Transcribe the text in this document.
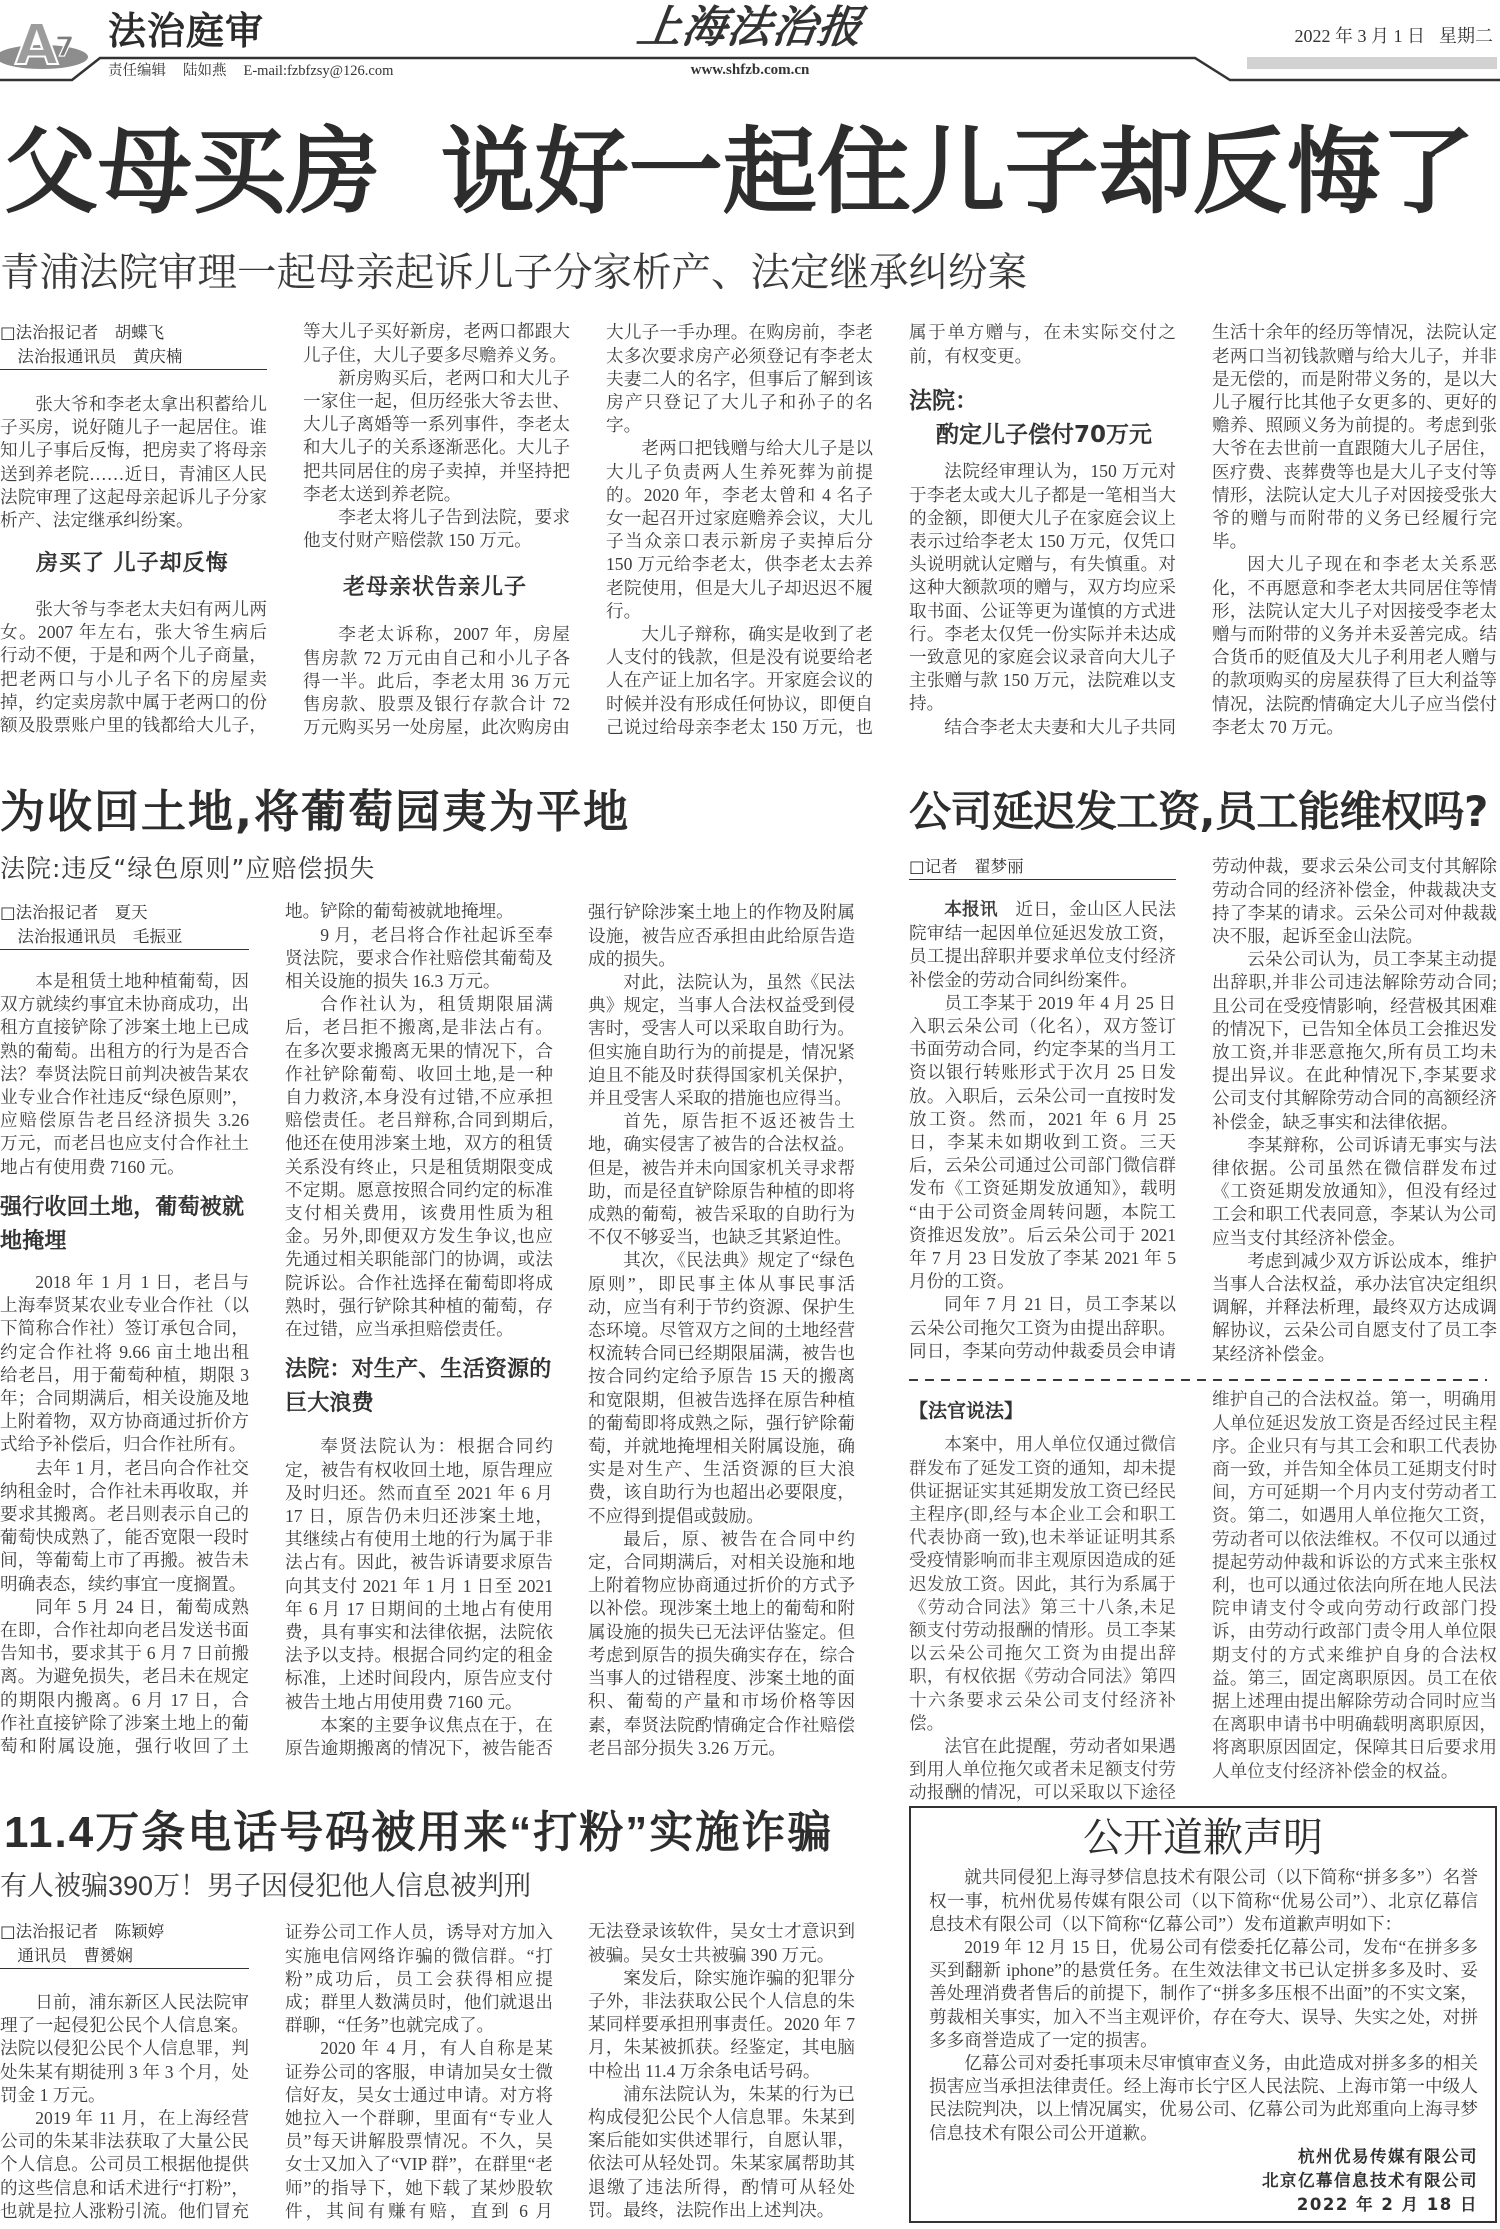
A
7 法治庭审
责任编辑 陆如燕 E-mail:fzbfzsy@126.com
上海法治报
www.shfzb.com.cn
2022 年 3 月 1 日 星期二
父母买房 说好一起住儿子却反悔了
青浦法院审理一起母亲起诉儿子分家析产、法定继承纠纷案
□法治报记者　胡蝶飞
法治报通讯员　黄庆楠

张大爷和李老太拿出积蓄给儿子买房，说好随儿子一起居住。谁知儿子事后反悔，把房卖了将母亲送到养老院……近日，青浦区人民法院审理了这起母亲起诉儿子分家析产、法定继承纠纷案。

房买了 儿子却反悔

张大爷与李老太夫妇有两儿两女。2007 年左右，张大爷生病后行动不便，于是和两个儿子商量，把老两口与小儿子名下的房屋卖掉，约定卖房款中属于老两口的份额及股票账户里的钱都给大儿子，

等大儿子买好新房，老两口都跟大儿子住，大儿子要多尽赡养义务。

新房购买后，老两口和大儿子一家住一起，但历经张大爷去世、大儿子离婚等一系列事件，李老太和大儿子的关系逐渐恶化。大儿子把共同居住的房子卖掉，并坚持把李老太送到养老院。

李老太将儿子告到法院，要求他支付财产赔偿款 150 万元。

老母亲状告亲儿子

李老太诉称，2007 年，房屋售房款 72 万元由自己和小儿子各得一半。此后，李老太用 36 万元售房款、股票及银行存款合计 72 万元购买另一处房屋，此次购房由

大儿子一手办理。在购房前，李老太多次要求房产必须登记有李老太夫妻二人的名字，但事后了解到该房产只登记了大儿子和孙子的名字。

老两口把钱赠与给大儿子是以大儿子负责两人生养死葬为前提的。2020 年，李老太曾和 4 名子女一起召开过家庭赡养会议，大儿子当众亲口表示新房子卖掉后分 150 万元给李老太，供李老太去养老院使用，但是大儿子却迟迟不履行。

大儿子辩称，确实是收到了老人支付的钱款，但是没有说要给老人在产证上加名字。开家庭会议的时候并没有形成任何协议，即便自己说过给母亲李老太 150 万元，也

属于单方赠与，在未实际交付之前，有权变更。

法院：
酌定儿子偿付70万元

法院经审理认为，150 万元对于李老太或大儿子都是一笔相当大的金额，即便大儿子在家庭会议上表示过给李老太 150 万元，仅凭口头说明就认定赠与，有失慎重。对这种大额款项的赠与，双方均应采取书面、公证等更为谨慎的方式进行。李老太仅凭一份实际并未达成一致意见的家庭会议录音向大儿子主张赠与款 150 万元，法院难以支持。

结合李老太夫妻和大儿子共同

生活十余年的经历等情况，法院认定老两口当初钱款赠与给大儿子，并非是无偿的，而是附带义务的，是以大儿子履行比其他子女更多的、更好的赡养、照顾义务为前提的。考虑到张大爷在去世前一直跟随大儿子居住，医疗费、丧葬费等也是大儿子支付等情形，法院认定大儿子对因接受张大爷的赠与而附带的义务已经履行完毕。

因大儿子现在和李老太关系恶化，不再愿意和李老太共同居住等情形，法院认定大儿子对因接受李老太赠与而附带的义务并未妥善完成。结合货币的贬值及大儿子利用老人赠与的款项购买的房屋获得了巨大利益等情况，法院酌情确定大儿子应当偿付李老太 70 万元。

为收回土地,将葡萄园夷为平地
法院:违反“绿色原则”应赔偿损失
□法治报记者　夏天
法治报通讯员　毛振亚

本是租赁土地种植葡萄，因双方就续约事宜未协商成功，出租方直接铲除了涉案土地上已成熟的葡萄。出租方的行为是否合法？奉贤法院日前判决被告某农业专业合作社违反“绿色原则”，应赔偿原告老吕经济损失 3.26 万元，而老吕也应支付合作社土地占有使用费 7160 元。

强行收回土地，葡萄被就地掩埋

2018 年 1 月 1 日，老吕与上海奉贤某农业专业合作社（以下简称合作社）签订承包合同，约定合作社将 9.66 亩土地出租给老吕，用于葡萄种植，期限 3 年；合同期满后，相关设施及地上附着物，双方协商通过折价方式给予补偿后，归合作社所有。

去年 1 月，老吕向合作社交纳租金时，合作社未再收取，并要求其搬离。老吕则表示自己的葡萄快成熟了，能否宽限一段时间，等葡萄上市了再搬。被告未明确表态，续约事宜一度搁置。

同年 5 月 24 日，葡萄成熟在即，合作社却向老吕发送书面告知书，要求其于 6 月 7 日前搬离。为避免损失，老吕未在规定的期限内搬离。6 月 17 日，合作社直接铲除了涉案土地上的葡萄和附属设施，强行收回了土

地。铲除的葡萄被就地掩埋。

9 月，老吕将合作社起诉至奉贤法院，要求合作社赔偿其葡萄及相关设施的损失 16.3 万元。

合作社认为，租赁期限届满后，老吕拒不搬离,是非法占有。在多次要求搬离无果的情况下，合作社铲除葡萄、收回土地,是一种自力救济,本身没有过错,不应承担赔偿责任。老吕辩称,合同到期后,他还在使用涉案土地，双方的租赁关系没有终止，只是租赁期限变成不定期。愿意按照合同约定的标准支付相关费用，该费用性质为租金。另外,即便双方发生争议,也应先通过相关职能部门的协调，或法院诉讼。合作社选择在葡萄即将成熟时，强行铲除其种植的葡萄，存在过错，应当承担赔偿责任。

法院：对生产、生活资源的巨大浪费

奉贤法院认为：根据合同约定，被告有权收回土地，原告理应及时归还。然而直至 2021 年 6 月 17 日，原告仍未归还涉案土地，其继续占有使用土地的行为属于非法占有。因此，被告诉请要求原告向其支付 2021 年 1 月 1 日至 2021 年 6 月 17 日期间的土地占有使用费，具有事实和法律依据，法院依法予以支持。根据合同约定的租金标准，上述时间段内，原告应支付被告土地占用使用费 7160 元。

本案的主要争议焦点在于，在原告逾期搬离的情况下，被告能否

强行铲除涉案土地上的作物及附属设施，被告应否承担由此给原告造成的损失。

对此，法院认为，虽然《民法典》规定，当事人合法权益受到侵害时，受害人可以采取自助行为。但实施自助行为的前提是，情况紧迫且不能及时获得国家机关保护，并且受害人采取的措施也应得当。

首先，原告拒不返还被告土地，确实侵害了被告的合法权益。但是，被告并未向国家机关寻求帮助，而是径直铲除原告种植的即将成熟的葡萄，被告采取的自助行为不仅不够妥当，也缺乏其紧迫性。

其次，《民法典》规定了“绿色原则”，即民事主体从事民事活动，应当有利于节约资源、保护生态环境。尽管双方之间的土地经营权流转合同已经期限届满，被告也按合同约定给予原告 15 天的搬离和宽限期，但被告选择在原告种植的葡萄即将成熟之际，强行铲除葡萄，并就地掩埋相关附属设施，确实是对生产、生活资源的巨大浪费，该自助行为也超出必要限度，不应得到提倡或鼓励。

最后，原、被告在合同中约定，合同期满后，对相关设施和地上附着物应协商通过折价的方式予以补偿。现涉案土地上的葡萄和附属设施的损失已无法评估鉴定。但考虑到原告的损失确实存在，综合当事人的过错程度、涉案土地的面积、葡萄的产量和市场价格等因素，奉贤法院酌情确定合作社赔偿老吕部分损失 3.26 万元。

公司延迟发工资,员工能维权吗?
□记者　翟梦丽

本报讯 近日，金山区人民法院审结一起因单位延迟发放工资，员工提出辞职并要求单位支付经济补偿金的劳动合同纠纷案件。

员工李某于 2019 年 4 月 25 日入职云朵公司（化名），双方签订书面劳动合同，约定李某的当月工资以银行转账形式于次月 25 日发放。入职后，云朵公司一直按时发放工资。然而，2021 年 6 月 25 日，李某未如期收到工资。三天后，云朵公司通过公司部门微信群发布《工资延期发放通知》，载明“由于公司资金周转问题，本院工资推迟发放”。后云朵公司于 2021 年 7 月 23 日发放了李某 2021 年 5 月份的工资。

同年 7 月 21 日，员工李某以云朵公司拖欠工资为由提出辞职。同日，李某向劳动仲裁委员会申请

劳动仲裁，要求云朵公司支付其解除劳动合同的经济补偿金，仲裁裁决支持了李某的请求。云朵公司对仲裁裁决不服，起诉至金山法院。

云朵公司认为，员工李某主动提出辞职,并非公司违法解除劳动合同;且公司在受疫情影响，经营极其困难的情况下，已告知全体员工会推迟发放工资,并非恶意拖欠,所有员工均未提出异议。在此种情况下,李某要求公司支付其解除劳动合同的高额经济补偿金，缺乏事实和法律依据。

李某辩称，公司诉请无事实与法律依据。公司虽然在微信群发布过《工资延期发放通知》，但没有经过工会和职工代表同意，李某认为公司应当支付其经济补偿金。

考虑到减少双方诉讼成本，维护当事人合法权益，承办法官决定组织调解，并释法析理，最终双方达成调解协议，云朵公司自愿支付了员工李某经济补偿金。

【法官说法】

本案中，用人单位仅通过微信群发布了延发工资的通知，却未提供证据证实其延期发放工资已经民主程序(即,经与本企业工会和职工代表协商一致),也未举证证明其系受疫情影响而非主观原因造成的延迟发放工资。因此，其行为系属于《劳动合同法》第三十八条,未足额支付劳动报酬的情形。员工李某以云朵公司拖欠工资为由提出辞职，有权依据《劳动合同法》第四十六条要求云朵公司支付经济补偿。

法官在此提醒，劳动者如果遇到用人单位拖欠或者未足额支付劳动报酬的情况，可以采取以下途径

维护自己的合法权益。第一，明确用人单位延迟发放工资是否经过民主程序。企业只有与其工会和职工代表协商一致，并告知全体员工延期支付时间，方可延期一个月内支付劳动者工资。第二，如遇用人单位拖欠工资，劳动者可以依法维权。不仅可以通过提起劳动仲裁和诉讼的方式来主张权利，也可以通过依法向所在地人民法院申请支付令或向劳动行政部门投诉，由劳动行政部门责令用人单位限期支付的方式来维护自身的合法权益。第三，固定离职原因。员工在依据上述理由提出解除劳动合同时应当在离职申请书中明确载明离职原因，将离职原因固定，保障其日后要求用人单位支付经济补偿金的权益。

11.4万条电话号码被用来“打粉”实施诈骗
有人被骗390万！男子因侵犯他人信息被判刑
□法治报记者　陈颖婷
通讯员　曹赟娴

日前，浦东新区人民法院审理了一起侵犯公民个人信息案。法院以侵犯公民个人信息罪，判处朱某有期徒刑 3 年 3 个月，处罚金 1 万元。

2019 年 11 月，在上海经营公司的朱某非法获取了大量公民个人信息。公司员工根据他提供的这些信息和话术进行“打粉”，也就是拉人涨粉引流。他们冒充

证券公司工作人员，诱导对方加入实施电信网络诈骗的微信群。“打粉”成功后，员工会获得相应提成；群里人数满员时，他们就退出群聊，“任务”也就完成了。

2020 年 4 月，有人自称是某证券公司的客服，申请加吴女士微信好友，吴女士通过申请。对方将她拉入一个群聊，里面有“专业人员”每天讲解股票情况。不久，吴女士又加入了“VIP 群”，在群里“老师”的指导下，她下载了某炒股软件，其间有赚有赔，直到 6 月

无法登录该软件，吴女士才意识到被骗。吴女士共被骗 390 万元。

案发后，除实施诈骗的犯罪分子外，非法获取公民个人信息的朱某同样要承担刑事责任。2020 年 7 月，朱某被抓获。经鉴定，其电脑中检出 11.4 万余条电话号码。

浦东法院认为，朱某的行为已构成侵犯公民个人信息罪。朱某到案后能如实供述罪行，自愿认罪，依法可从轻处罚。朱某家属帮助其退缴了违法所得，酌情可从轻处罚。最终，法院作出上述判决。

公开道歉声明

就共同侵犯上海寻梦信息技术有限公司（以下简称“拼多多”）名誉权一事，杭州优易传媒有限公司（以下简称“优易公司”）、北京亿幕信息技术有限公司（以下简称“亿幕公司”）发布道歉声明如下：

2019 年 12 月 15 日，优易公司有偿委托亿幕公司，发布“在拼多多买到翻新 iphone”的悬赏任务。在生效法律文书已认定拼多多及时、妥善处理消费者售后的前提下，制作了“拼多多压根不出面”的不实文案，剪裁相关事实，加入不当主观评价，存在夸大、误导、失实之处，对拼多多商誉造成了一定的损害。

亿幕公司对委托事项未尽审慎审查义务，由此造成对拼多多的相关损害应当承担法律责任。经上海市长宁区人民法院、上海市第一中级人民法院判决，以上情况属实，优易公司、亿幕公司为此郑重向上海寻梦信息技术有限公司公开道歉。

杭州优易传媒有限公司
北京亿幕信息技术有限公司
2022 年 2 月 18 日
